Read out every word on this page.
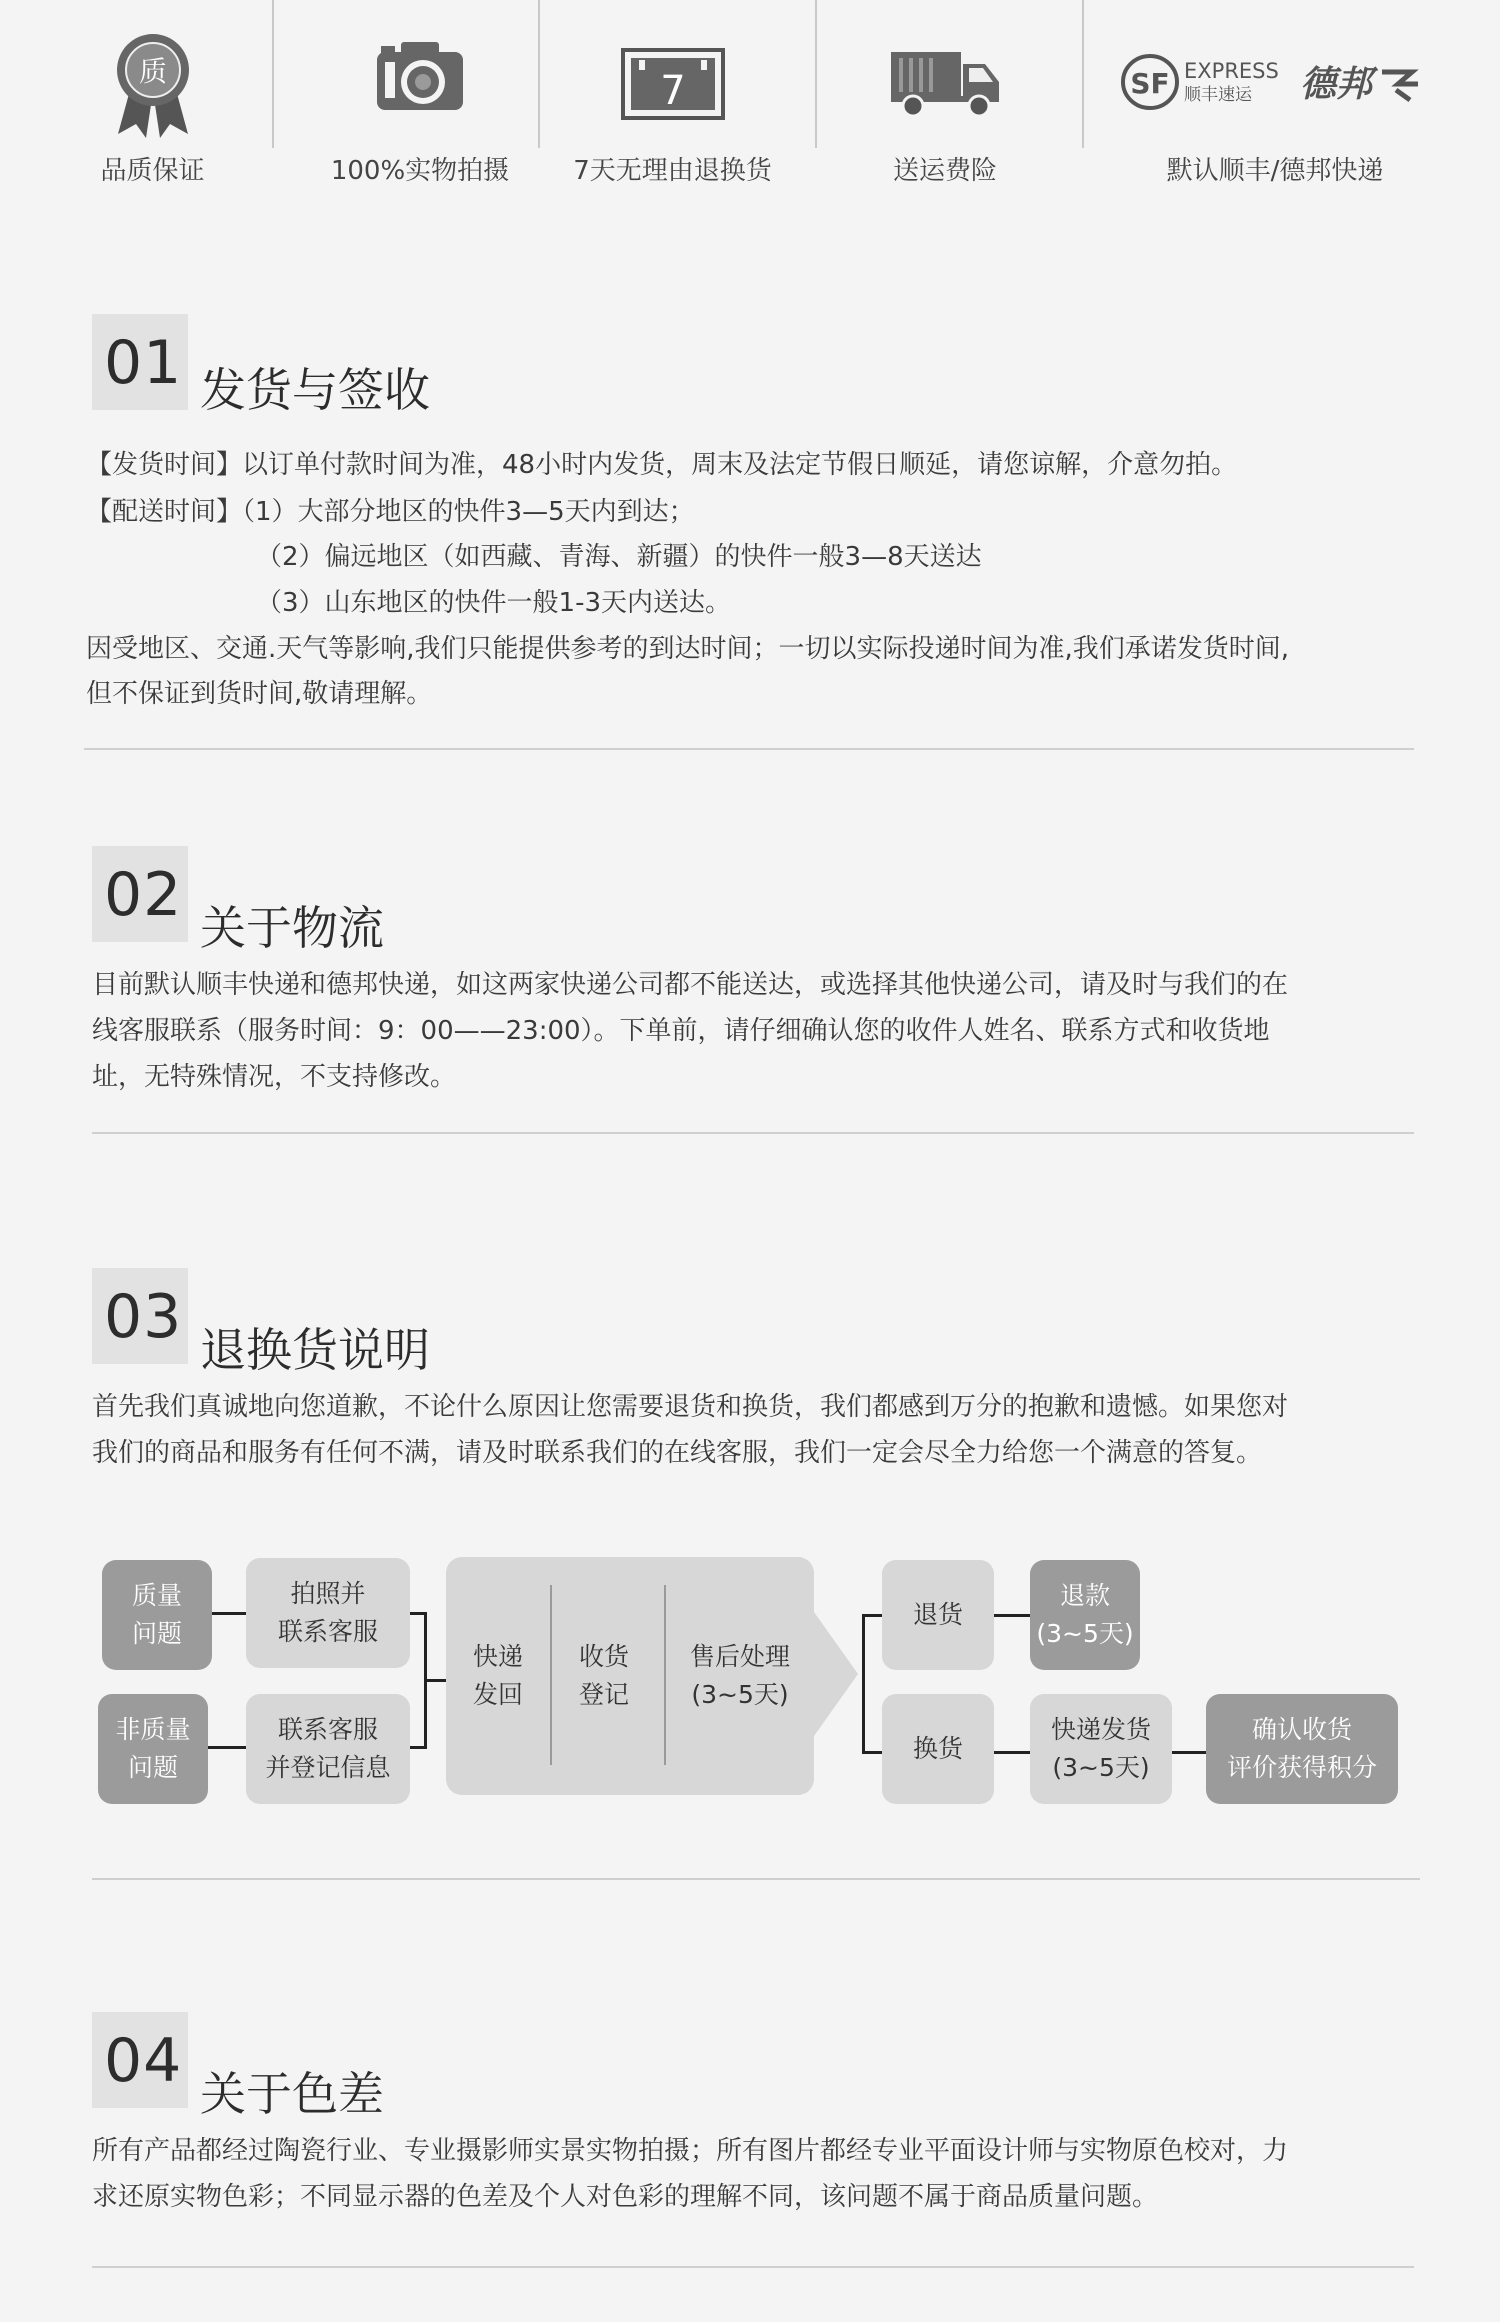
质
品质保证	100%实物拍摄
7
7天无理由退换货	送运费险
SF EXPRESS
顺丰速运 德邦
默认顺丰/德邦快递
01 发货与签收
【发货时间】以订单付款时间为准，48小时内发货，周末及法定节假日顺延，请您谅解，介意勿拍。
【配送时间】（1）大部分地区的快件3—5天内到达；
（2）偏远地区（如西藏、青海、新疆）的快件一般3—8天送达
（3）山东地区的快件一般1-3天内送达。
因受地区、交通.天气等影响,我们只能提供参考的到达时间；一切以实际投递时间为准,我们承诺发货时间,
但不保证到货时间,敬请理解。
02 关于物流
目前默认顺丰快递和德邦快递，如这两家快递公司都不能送达，或选择其他快递公司，请及时与我们的在
线客服联系（服务时间：9：00——23:00）。下单前，请仔细确认您的收件人姓名、联系方式和收货地
址，无特殊情况，不支持修改。
03 退换货说明
首先我们真诚地向您道歉，不论什么原因让您需要退货和换货，我们都感到万分的抱歉和遗憾。如果您对
我们的商品和服务有任何不满，请及时联系我们的在线客服，我们一定会尽全力给您一个满意的答复。
质量
问题
非质量
问题
拍照并
联系客服
联系客服
并登记信息
快递
发回
收货
登记
售后处理
(3~5天)
退货
换货
退款
(3~5天)
快递发货
(3~5天)
确认收货
评价获得积分
04 关于色差
所有产品都经过陶瓷行业、专业摄影师实景实物拍摄；所有图片都经专业平面设计师与实物原色校对，力
求还原实物色彩；不同显示器的色差及个人对色彩的理解不同，该问题不属于商品质量问题。
